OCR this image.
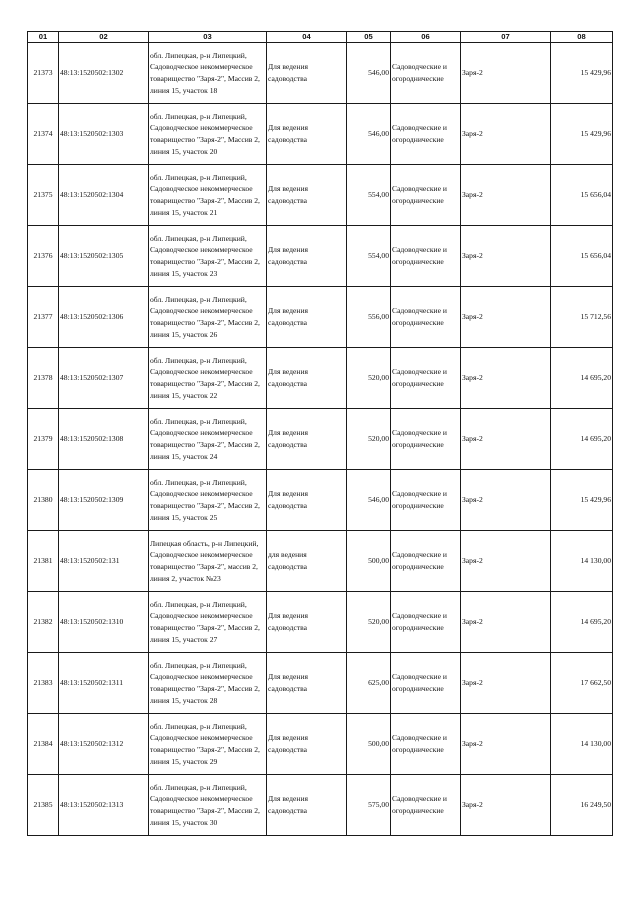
01	02	03	04	05	06	07	08
21373	48:13:1520502:1302	обл. Липецкая, р-н Липецкий, Садоводческое некоммерческое товарищество "Заря-2", Массив 2, линия 15, участок 18	Для ведения садоводства	546,00	Садоводческие и огороднические	Заря-2	15 429,96
21374	48:13:1520502:1303	обл. Липецкая, р-н Липецкий, Садоводческое некоммерческое товарищество "Заря-2", Массив 2, линия 15, участок 20	Для ведения садоводства	546,00	Садоводческие и огороднические	Заря-2	15 429,96
21375	48:13:1520502:1304	обл. Липецкая, р-н Липецкий, Садоводческое некоммерческое товарищество "Заря-2", Массив 2, линия 15, участок 21	Для ведения садоводства	554,00	Садоводческие и огороднические	Заря-2	15 656,04
21376	48:13:1520502:1305	обл. Липецкая, р-н Липецкий, Садоводческое некоммерческое товарищество "Заря-2", Массив 2, линия 15, участок 23	Для ведения садоводства	554,00	Садоводческие и огороднические	Заря-2	15 656,04
21377	48:13:1520502:1306	обл. Липецкая, р-н Липецкий, Садоводческое некоммерческое товарищество "Заря-2", Массив 2, линия 15, участок 26	Для ведения садоводства	556,00	Садоводческие и огороднические	Заря-2	15 712,56
21378	48:13:1520502:1307	обл. Липецкая, р-н Липецкий, Садоводческое некоммерческое товарищество "Заря-2", Массив 2, линия 15, участок 22	Для ведения садоводства	520,00	Садоводческие и огороднические	Заря-2	14 695,20
21379	48:13:1520502:1308	обл. Липецкая, р-н Липецкий, Садоводческое некоммерческое товарищество "Заря-2", Массив 2, линия 15, участок 24	Для ведения садоводства	520,00	Садоводческие и огороднические	Заря-2	14 695,20
21380	48:13:1520502:1309	обл. Липецкая, р-н Липецкий, Садоводческое некоммерческое товарищество "Заря-2", Массив 2, линия 15, участок 25	Для ведения садоводства	546,00	Садоводческие и огороднические	Заря-2	15 429,96
21381	48:13:1520502:131	Липецкая область, р-н Липецкий, Садоводческое некоммерческое товарищество "Заря-2", массив 2, линия 2, участок №23	для ведения садоводства	500,00	Садоводческие и огороднические	Заря-2	14 130,00
21382	48:13:1520502:1310	обл. Липецкая, р-н Липецкий, Садоводческое некоммерческое товарищество "Заря-2", Массив 2, линия 15, участок 27	Для ведения садоводства	520,00	Садоводческие и огороднические	Заря-2	14 695,20
21383	48:13:1520502:1311	обл. Липецкая, р-н Липецкий, Садоводческое некоммерческое товарищество "Заря-2", Массив 2, линия 15, участок 28	Для ведения садоводства	625,00	Садоводческие и огороднические	Заря-2	17 662,50
21384	48:13:1520502:1312	обл. Липецкая, р-н Липецкий, Садоводческое некоммерческое товарищество "Заря-2", Массив 2, линия 15, участок 29	Для ведения садоводства	500,00	Садоводческие и огороднические	Заря-2	14 130,00
21385	48:13:1520502:1313	обл. Липецкая, р-н Липецкий, Садоводческое некоммерческое товарищество "Заря-2", Массив 2, линия 15, участок 30	Для ведения садоводства	575,00	Садоводческие и огороднические	Заря-2	16 249,50
